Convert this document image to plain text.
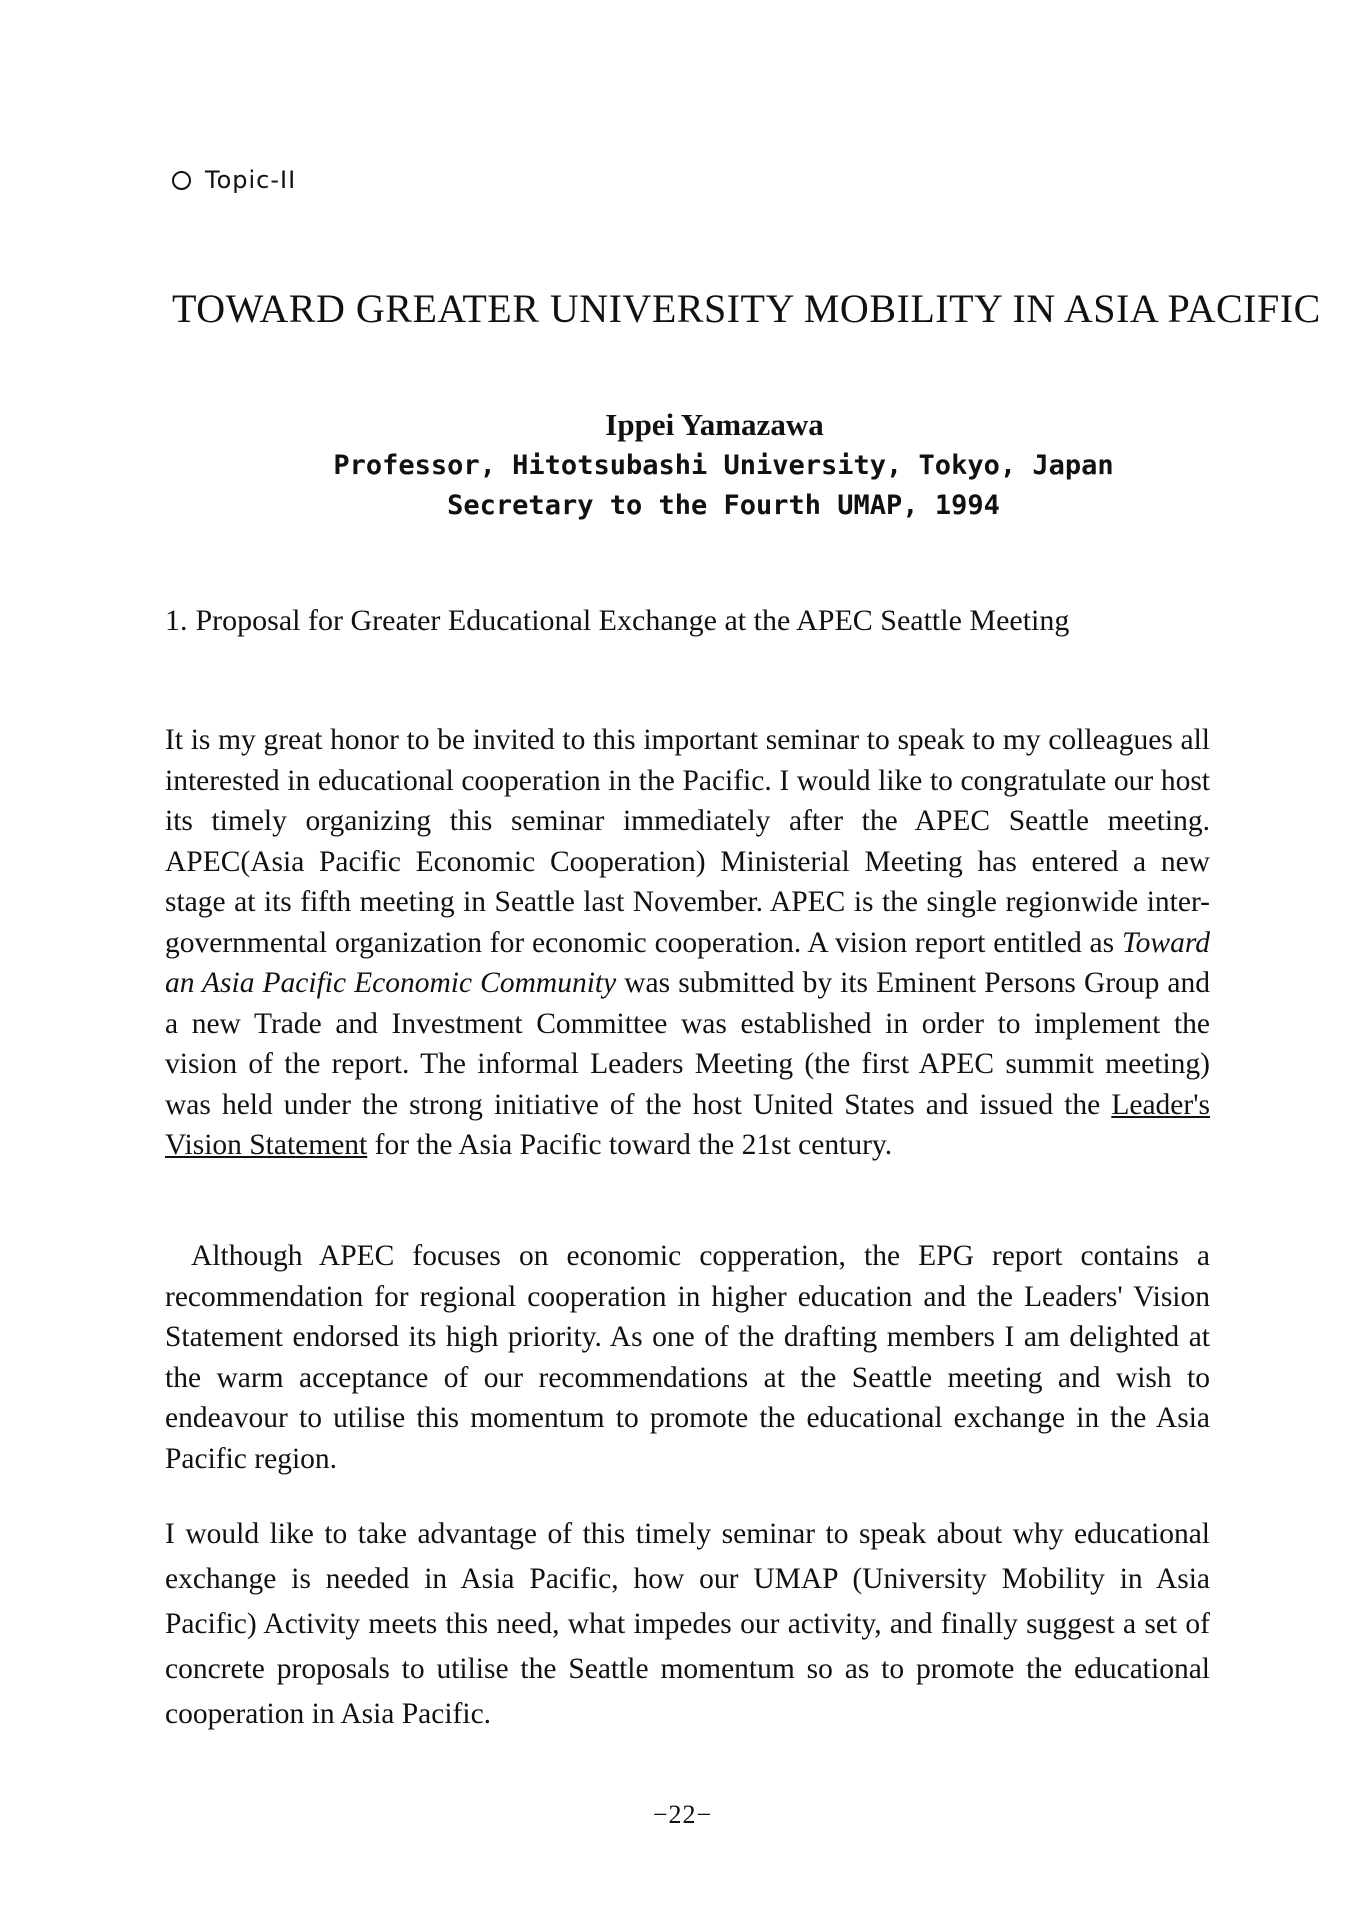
Topic-II
TOWARD GREATER UNIVERSITY MOBILITY IN ASIA PACIFIC
Ippei Yamazawa
Professor, Hitotsubashi University, Tokyo, Japan
Secretary to the Fourth UMAP, 1994
1. Proposal for Greater Educational Exchange at the APEC Seattle Meeting

It is my great honor to be invited to this important seminar to speak to my colleagues all interested in educational cooperation in the Pacific. I would like to congratulate our host its timely organizing this seminar immediately after the APEC Seattle meeting. APEC(Asia Pacific Economic Cooperation) Ministerial Meeting has entered a new stage at its fifth meeting in Seattle last November. APEC is the single regionwide inter-governmental organization for economic cooperation. A vision report entitled as Toward an Asia Pacific Economic Community was submitted by its Eminent Persons Group and a new Trade and Investment Committee was established in order to implement the vision of the report. The informal Leaders Meeting (the first APEC summit meeting) was held under the strong initiative of the host United States and issued the Leader's Vision Statement for the Asia Pacific toward the 21st century.

Although APEC focuses on economic copperation, the EPG report contains a recommendation for regional cooperation in higher education and the Leaders' Vision Statement endorsed its high priority. As one of the drafting members I am delighted at the warm acceptance of our recommendations at the Seattle meeting and wish to endeavour to utilise this momentum to promote the educational exchange in the Asia Pacific region.

I would like to take advantage of this timely seminar to speak about why educational exchange is needed in Asia Pacific, how our UMAP (University Mobility in Asia Pacific) Activity meets this need, what impedes our activity, and finally suggest a set of concrete proposals to utilise the Seattle momentum so as to promote the educational cooperation in Asia Pacific.

−22−
